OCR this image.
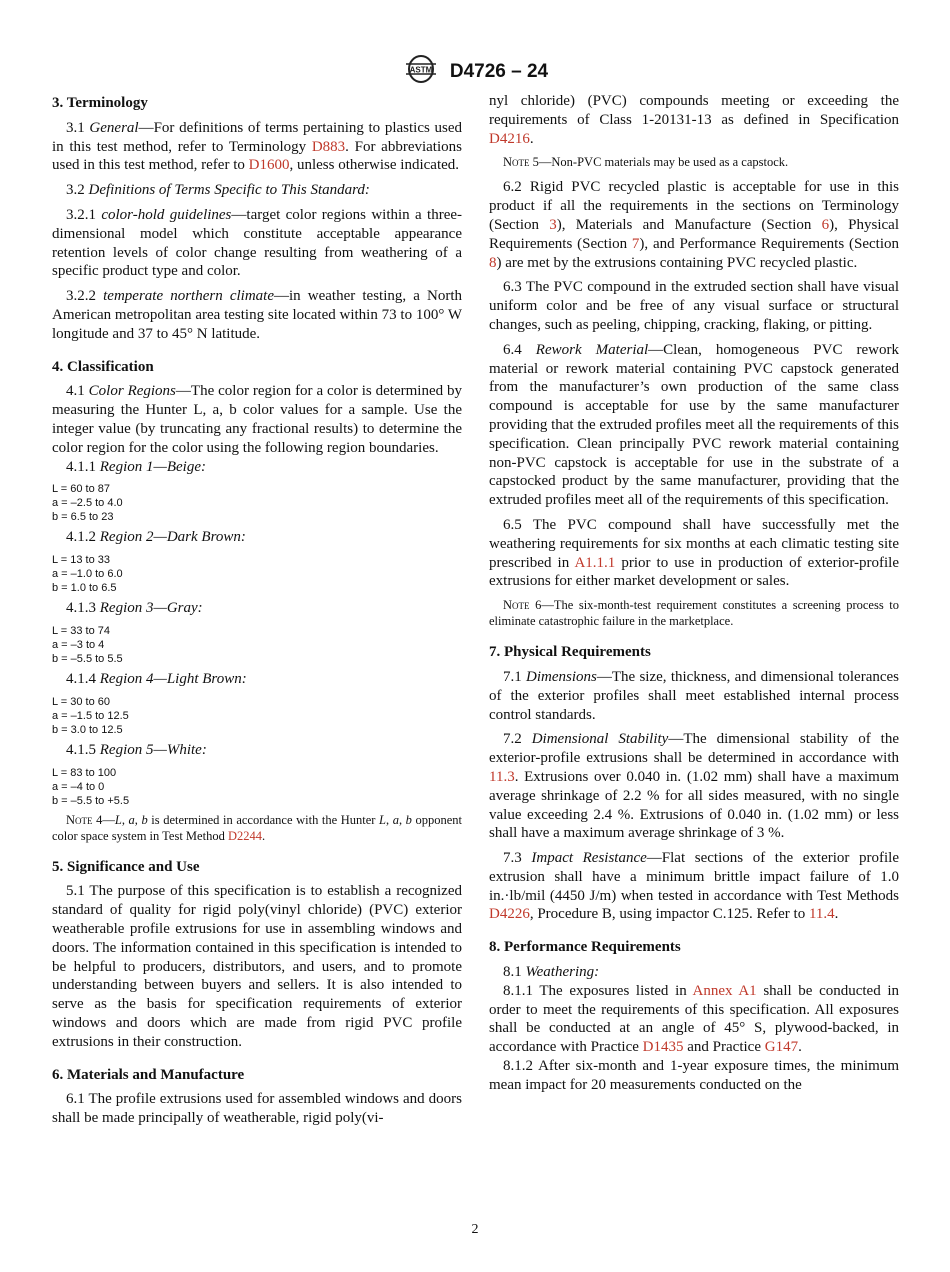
ASTM D4726 – 24
3. Terminology

3.1 General—For definitions of terms pertaining to plastics used in this test method, refer to Terminology D883. For abbreviations used in this test method, refer to D1600, unless otherwise indicated.

3.2 Definitions of Terms Specific to This Standard:

3.2.1 color-hold guidelines—target color regions within a three-dimensional model which constitute acceptable appearance retention levels of color change resulting from weathering of a specific product type and color.

3.2.2 temperate northern climate—in weather testing, a North American metropolitan area testing site located within 73 to 100° W longitude and 37 to 45° N latitude.

4. Classification

4.1 Color Regions—The color region for a color is determined by measuring the Hunter L, a, b color values for a sample. Use the integer value (by truncating any fractional results) to determine the color region for the color using the following region boundaries.

4.1.1 Region 1—Beige:

L = 60 to 87
a = –2.5 to 4.0
b = 6.5 to 23

4.1.2 Region 2—Dark Brown:

L = 13 to 33
a = –1.0 to 6.0
b = 1.0 to 6.5

4.1.3 Region 3—Gray:

L = 33 to 74
a = –3 to 4
b = –5.5 to 5.5

4.1.4 Region 4—Light Brown:

L = 30 to 60
a = –1.5 to 12.5
b = 3.0 to 12.5

4.1.5 Region 5—White:

L = 83 to 100
a = –4 to 0
b = –5.5 to +5.5

Note 4—L, a, b is determined in accordance with the Hunter L, a, b opponent color space system in Test Method D2244.

5. Significance and Use

5.1 The purpose of this specification is to establish a recognized standard of quality for rigid poly(vinyl chloride) (PVC) exterior weatherable profile extrusions for use in assembling windows and doors. The information contained in this specification is intended to be helpful to producers, distributors, and users, and to promote understanding between buyers and sellers. It is also intended to serve as the basis for specification requirements of exterior windows and doors which are made from rigid PVC profile extrusions in their construction.

6. Materials and Manufacture

6.1 The profile extrusions used for assembled windows and doors shall be made principally of weatherable, rigid poly(vi-

nyl chloride) (PVC) compounds meeting or exceeding the requirements of Class 1-20131-13 as defined in Specification D4216.

Note 5—Non-PVC materials may be used as a capstock.

6.2 Rigid PVC recycled plastic is acceptable for use in this product if all the requirements in the sections on Terminology (Section 3), Materials and Manufacture (Section 6), Physical Requirements (Section 7), and Performance Requirements (Section 8) are met by the extrusions containing PVC recycled plastic.

6.3 The PVC compound in the extruded section shall have visual uniform color and be free of any visual surface or structural changes, such as peeling, chipping, cracking, flaking, or pitting.

6.4 Rework Material—Clean, homogeneous PVC rework material or rework material containing PVC capstock generated from the manufacturer’s own production of the same class compound is acceptable for use by the same manufacturer providing that the extruded profiles meet all the requirements of this specification. Clean principally PVC rework material containing non-PVC capstock is acceptable for use in the substrate of a capstocked product by the same manufacturer, providing that the extruded profiles meet all of the requirements of this specification.

6.5 The PVC compound shall have successfully met the weathering requirements for six months at each climatic testing site prescribed in A1.1.1 prior to use in production of exterior-profile extrusions for either market development or sales.

Note 6—The six-month-test requirement constitutes a screening process to eliminate catastrophic failure in the marketplace.

7. Physical Requirements

7.1 Dimensions—The size, thickness, and dimensional tolerances of the exterior profiles shall meet established internal process control standards.

7.2 Dimensional Stability—The dimensional stability of the exterior-profile extrusions shall be determined in accordance with 11.3. Extrusions over 0.040 in. (1.02 mm) shall have a maximum average shrinkage of 2.2 % for all sides measured, with no single value exceeding 2.4 %. Extrusions of 0.040 in. (1.02 mm) or less shall have a maximum average shrinkage of 3 %.

7.3 Impact Resistance—Flat sections of the exterior profile extrusion shall have a minimum brittle impact failure of 1.0 in.·lb/mil (4450 J/m) when tested in accordance with Test Methods D4226, Procedure B, using impactor C.125. Refer to 11.4.

8. Performance Requirements

8.1 Weathering:

8.1.1 The exposures listed in Annex A1 shall be conducted in order to meet the requirements of this specification. All exposures shall be conducted at an angle of 45° S, plywood-backed, in accordance with Practice D1435 and Practice G147.

8.1.2 After six-month and 1-year exposure times, the minimum mean impact for 20 measurements conducted on the

2
